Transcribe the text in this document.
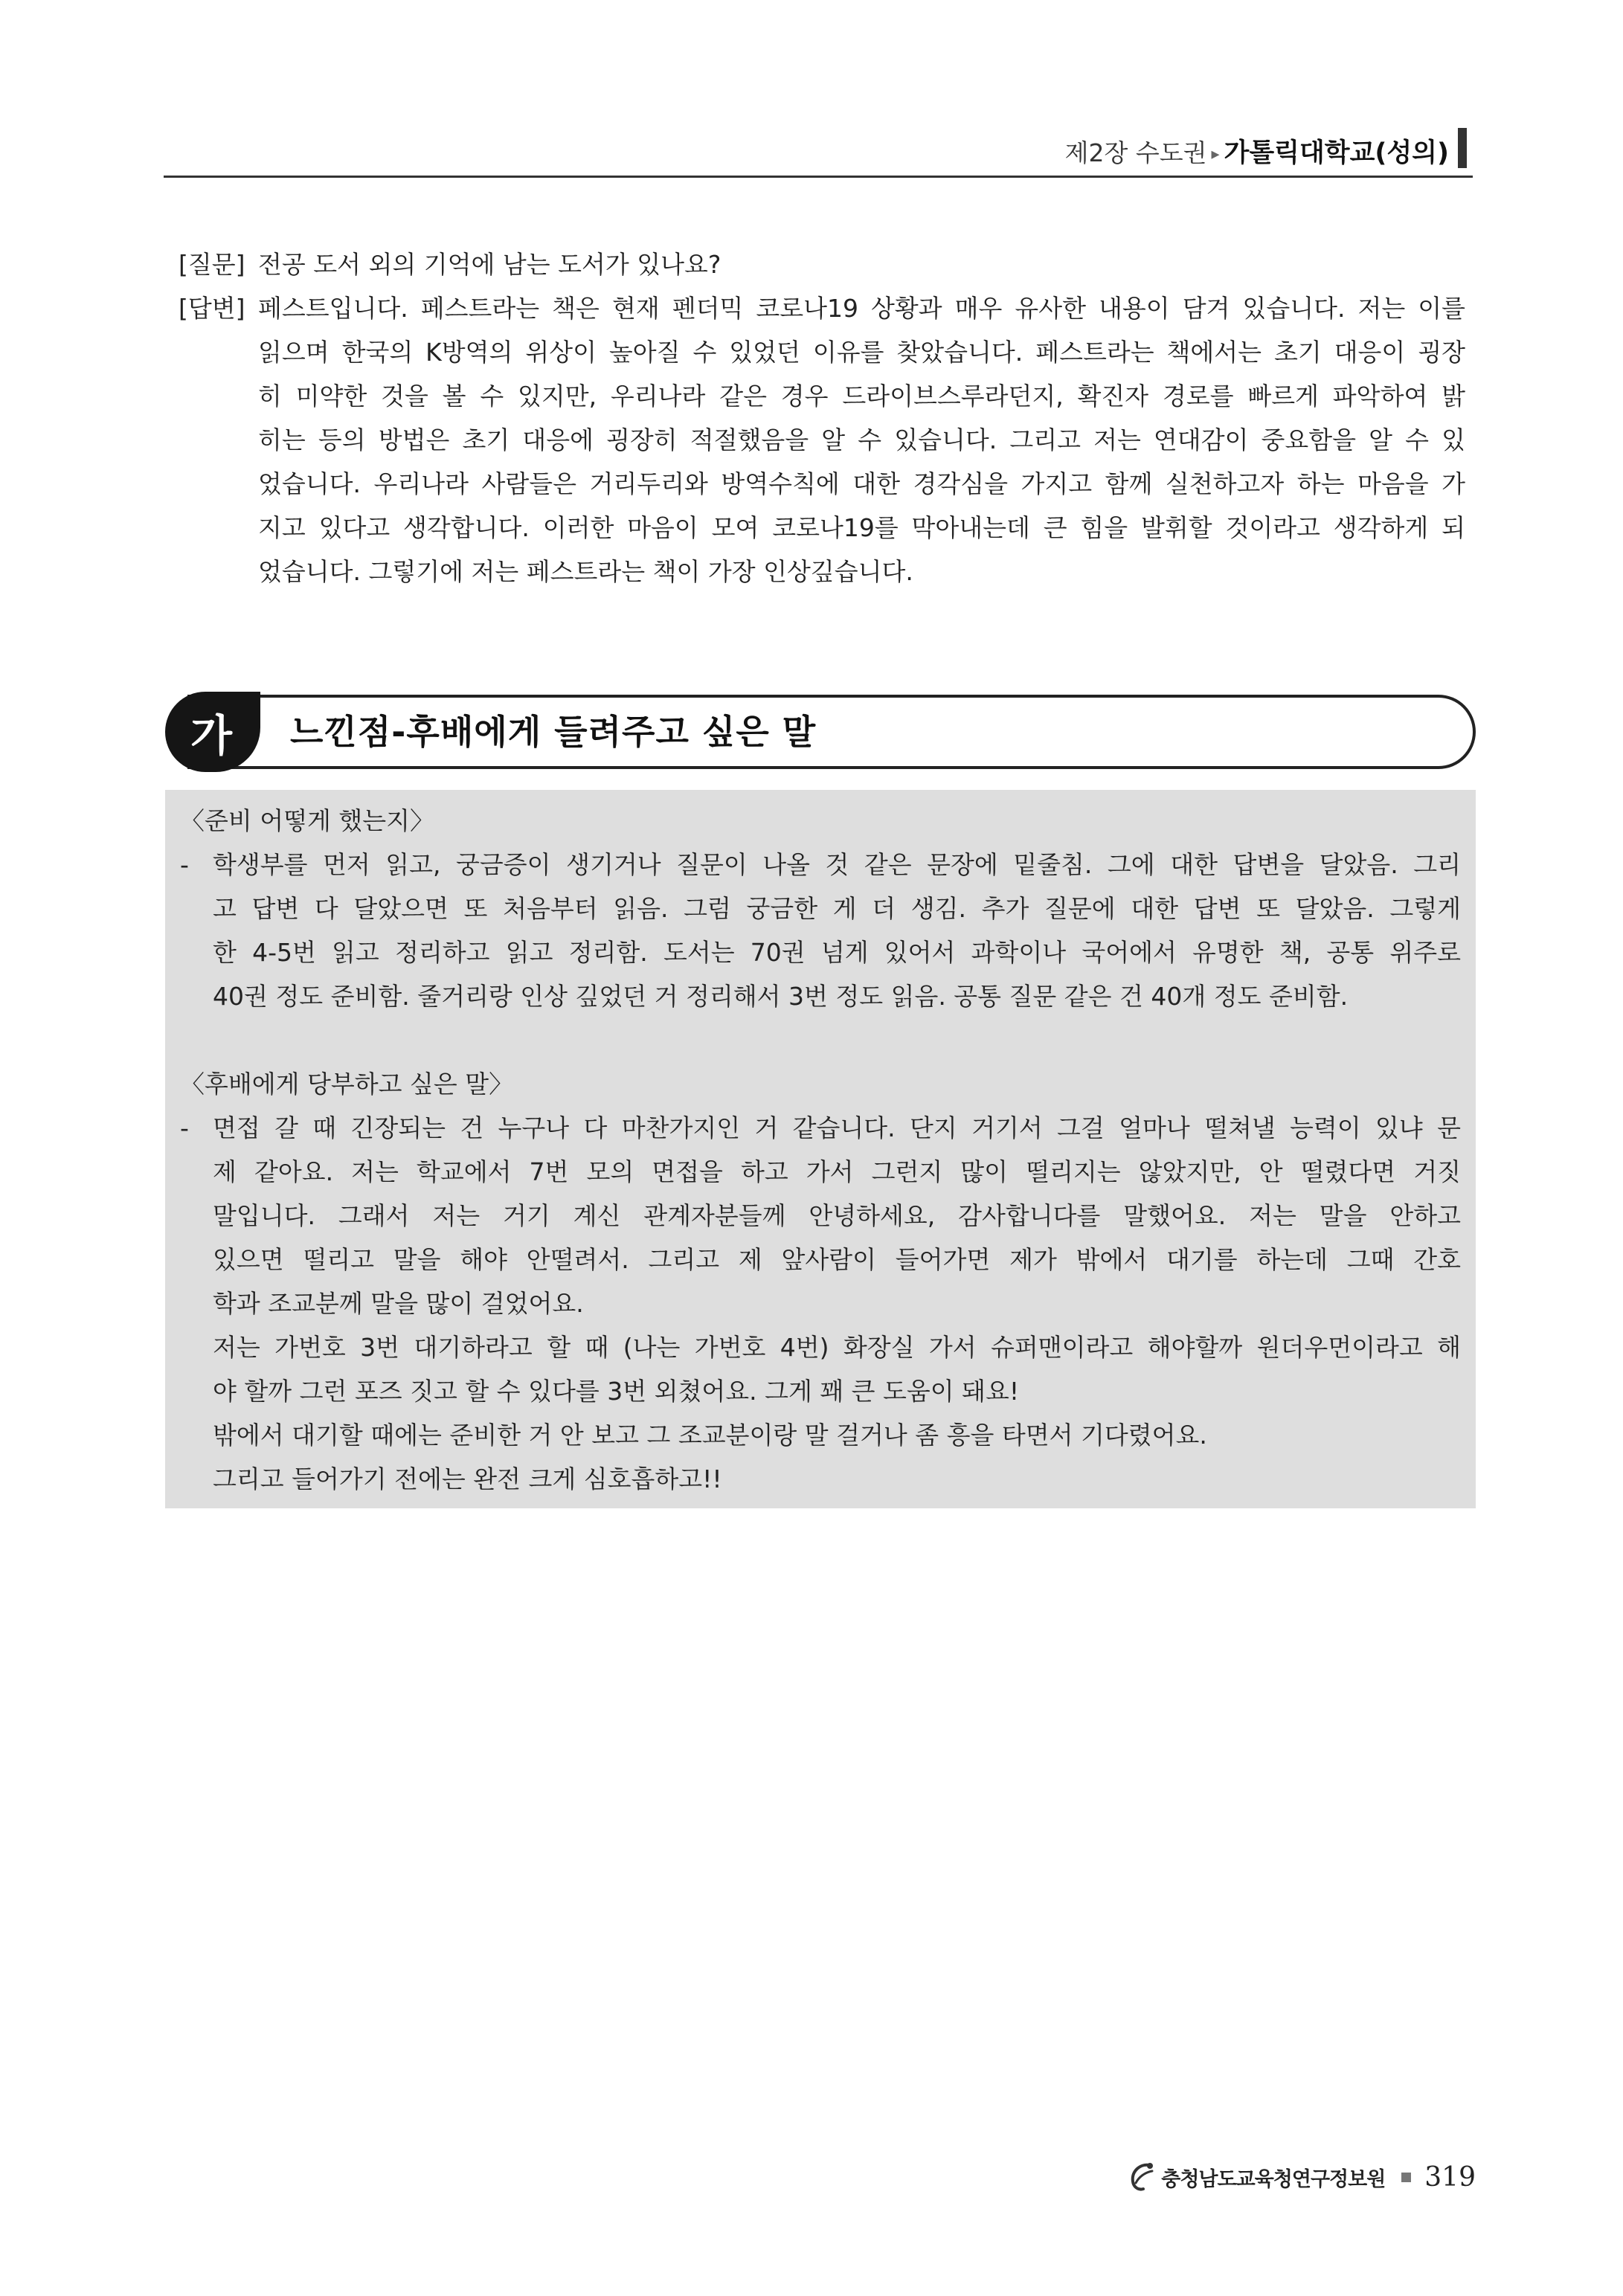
제2장 수도권 ▸ 가톨릭대학교(성의)
[질문] 전공 도서 외의 기억에 남는 도서가 있나요?
[답변] 페스트입니다. 페스트라는 책은 현재 펜더믹 코로나19 상황과 매우 유사한 내용이 담겨 있습니다. 저는 이를
읽으며 한국의 K방역의 위상이 높아질 수 있었던 이유를 찾았습니다. 페스트라는 책에서는 초기 대응이 굉장
히 미약한 것을 볼 수 있지만, 우리나라 같은 경우 드라이브스루라던지, 확진자 경로를 빠르게 파악하여 밝
히는 등의 방법은 초기 대응에 굉장히 적절했음을 알 수 있습니다. 그리고 저는 연대감이 중요함을 알 수 있
었습니다. 우리나라 사람들은 거리두리와 방역수칙에 대한 경각심을 가지고 함께 실천하고자 하는 마음을 가
지고 있다고 생각합니다. 이러한 마음이 모여 코로나19를 막아내는데 큰 힘을 발휘할 것이라고 생각하게 되
었습니다. 그렇기에 저는 페스트라는 책이 가장 인상깊습니다.
가 느낀점-후배에게 들려주고 싶은 말
〈준비 어떻게 했는지〉
- 학생부를 먼저 읽고, 궁금증이 생기거나 질문이 나올 것 같은 문장에 밑줄침. 그에 대한 답변을 달았음. 그리
고 답변 다 달았으면 또 처음부터 읽음. 그럼 궁금한 게 더 생김. 추가 질문에 대한 답변 또 달았음. 그렇게
한 4-5번 읽고 정리하고 읽고 정리함. 도서는 70권 넘게 있어서 과학이나 국어에서 유명한 책, 공통 위주로
40권 정도 준비함. 줄거리랑 인상 깊었던 거 정리해서 3번 정도 읽음. 공통 질문 같은 건 40개 정도 준비함.
〈후배에게 당부하고 싶은 말〉
- 면접 갈 때 긴장되는 건 누구나 다 마찬가지인 거 같습니다. 단지 거기서 그걸 얼마나 떨쳐낼 능력이 있냐 문
제 같아요. 저는 학교에서 7번 모의 면접을 하고 가서 그런지 많이 떨리지는 않았지만, 안 떨렸다면 거짓
말입니다. 그래서 저는 거기 계신 관계자분들께 안녕하세요, 감사합니다를 말했어요. 저는 말을 안하고
있으면 떨리고 말을 해야 안떨려서. 그리고 제 앞사람이 들어가면 제가 밖에서 대기를 하는데 그때 간호
학과 조교분께 말을 많이 걸었어요.
저는 가번호 3번 대기하라고 할 때 (나는 가번호 4번) 화장실 가서 슈퍼맨이라고 해야할까 원더우먼이라고 해
야 할까 그런 포즈 짓고 할 수 있다를 3번 외쳤어요. 그게 꽤 큰 도움이 돼요!
밖에서 대기할 때에는 준비한 거 안 보고 그 조교분이랑 말 걸거나 좀 흥을 타면서 기다렸어요.
그리고 들어가기 전에는 완전 크게 심호흡하고!!
충청남도교육청연구정보원 319
